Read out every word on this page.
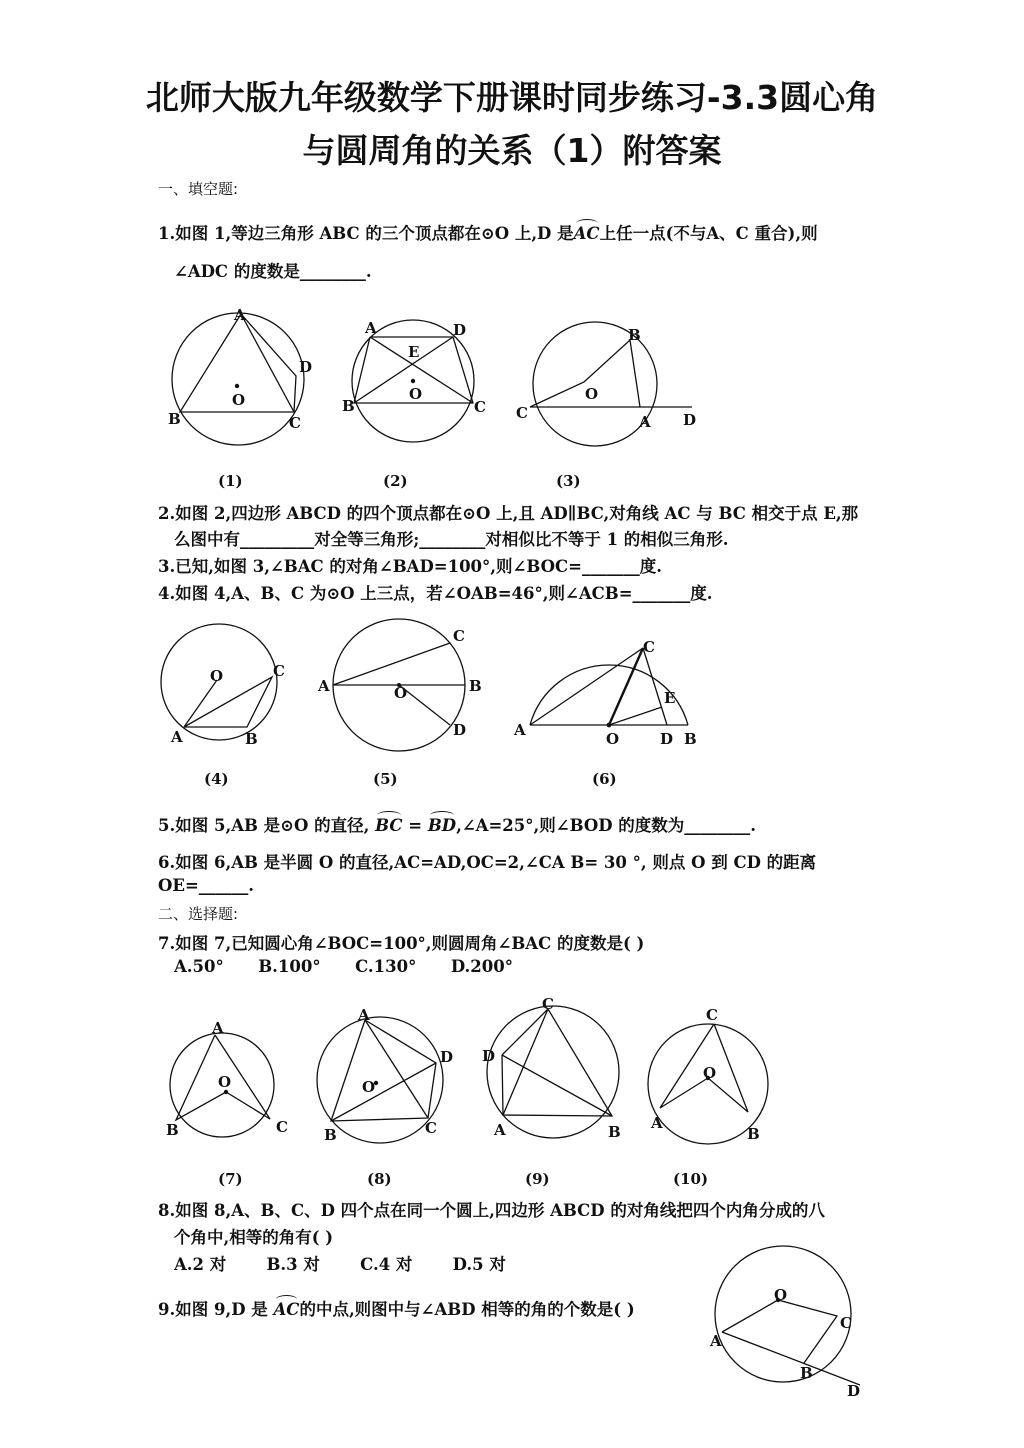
北师大版九年级数学下册课时同步练习-3.3圆心角
与圆周角的关系（1）附答案
一、填空题:
1.如图 1,等边三角形 ABC 的三个顶点都在⊙O 上,D 是AC上任一点(不与A、C 重合),则
∠ADC 的度数是________.
A
B	C
D
O
A	D
E
B	C
O
B
O
C	A D
(1)	(2)	(3)
2.如图 2,四边形 ABCD 的四个顶点都在⊙O 上,且 AD∥BC,对角线 AC 与 BC 相交于点 E,那
么图中有_________对全等三角形;________对相似比不等于 1 的相似三角形.
3.已知,如图 3,∠BAC 的对角∠BAD=100°,则∠BOC=_______度.
4.如图 4,A、B、C 为⊙O 上三点，若∠OAB=46°,则∠ACB=_______度.
O	C
A	B
C
A	O	B
D
C
E
A	O	D B
(4)	(5)	(6)
5.如图 5,AB 是⊙O 的直径, BC = BD,∠A=25°,则∠BOD 的度数为________.
6.如图 6,AB 是半圆 O 的直径,AC=AD,OC=2,∠CA B= 30 °, 则点 O 到 CD 的距离
OE=______.
二、选择题:
7.如图 7,已知圆心角∠BOC=100°,则圆周角∠BAC 的度数是( )
A.50°      B.100°      C.130°      D.200°
A
O
B	C
A
D
O
B	C
C
D
A	B
C
O
A
B
(7)	(8)	(9)	(10)
8.如图 8,A、B、C、D 四个点在同一个圆上,四边形 ABCD 的对角线把四个内角分成的八
个角中,相等的角有( )
A.2 对       B.3 对       C.4 对       D.5 对
9.如图 9,D 是 AC的中点,则图中与∠ABD 相等的角的个数是( )
O
C
A
B
D
